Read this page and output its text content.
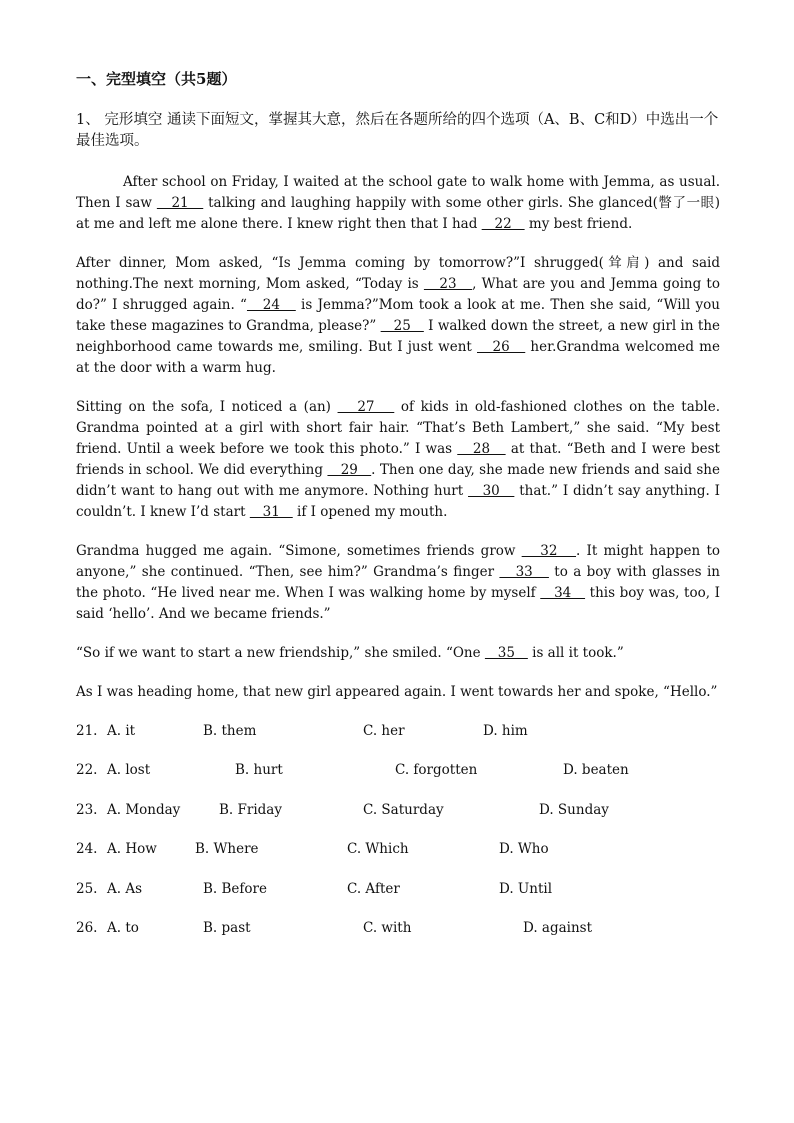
一、完型填空（共5题）

1、 完形填空 通读下面短文，掌握其大意，然后在各题所给的四个选项（A、B、C和D）中选出一个最佳选项。

After school on Friday, I waited at the school gate to walk home with Jemma, as usual. Then I saw    21    talking and laughing happily with some other girls. She glanced(瞥了一眼) at me and left me alone there. I knew right then that I had    22    my best friend.

After dinner, Mom asked, “Is Jemma coming by tomorrow?”I shrugged(耸肩) and said nothing.The next morning, Mom asked, “Today is    23   , What are you and Jemma going to do?” I shrugged again. “   24    is Jemma?”Mom took a look at me. Then she said, “Will you take these magazines to Grandma, please?”    25    I walked down the street, a new girl in the neighborhood came towards me, smiling. But I just went    26    her.Grandma welcomed me at the door with a warm hug.

Sitting on the sofa, I noticed a (an)    27    of kids in old-fashioned clothes on the table. Grandma pointed at a girl with short fair hair. “That’s Beth Lambert,” she said. “My best friend. Until a week before we took this photo.” I was    28    at that. “Beth and I were best friends in school. We did everything    29   . Then one day, she made new friends and said she didn’t want to hang out with me anymore. Nothing hurt    30    that.” I didn’t say anything. I couldn’t. I knew I’d start    31    if I opened my mouth.

Grandma hugged me again. “Simone, sometimes friends grow    32   . It might happen to anyone,” she continued. “Then, see him?” Grandma’s finger    33    to a boy with glasses in the photo. “He lived near me. When I was walking home by myself    34    this boy was, too, I said ‘hello’. And we became friends.”

“So if we want to start a new friendship,” she smiled. “One    35    is all it took.”

As I was heading home, that new girl appeared again. I went towards her and spoke, “Hello.”

21. A. it	B. them	C. her	D. him
22. A. lost	B. hurt	C. forgotten	D. beaten
23. A. Monday	B. Friday	C. Saturday	D. Sunday
24. A. How	B. Where	C. Which	D. Who
25. A. As	B. Before	C. After	D. Until
26. A. to	B. past	C. with	D. against
